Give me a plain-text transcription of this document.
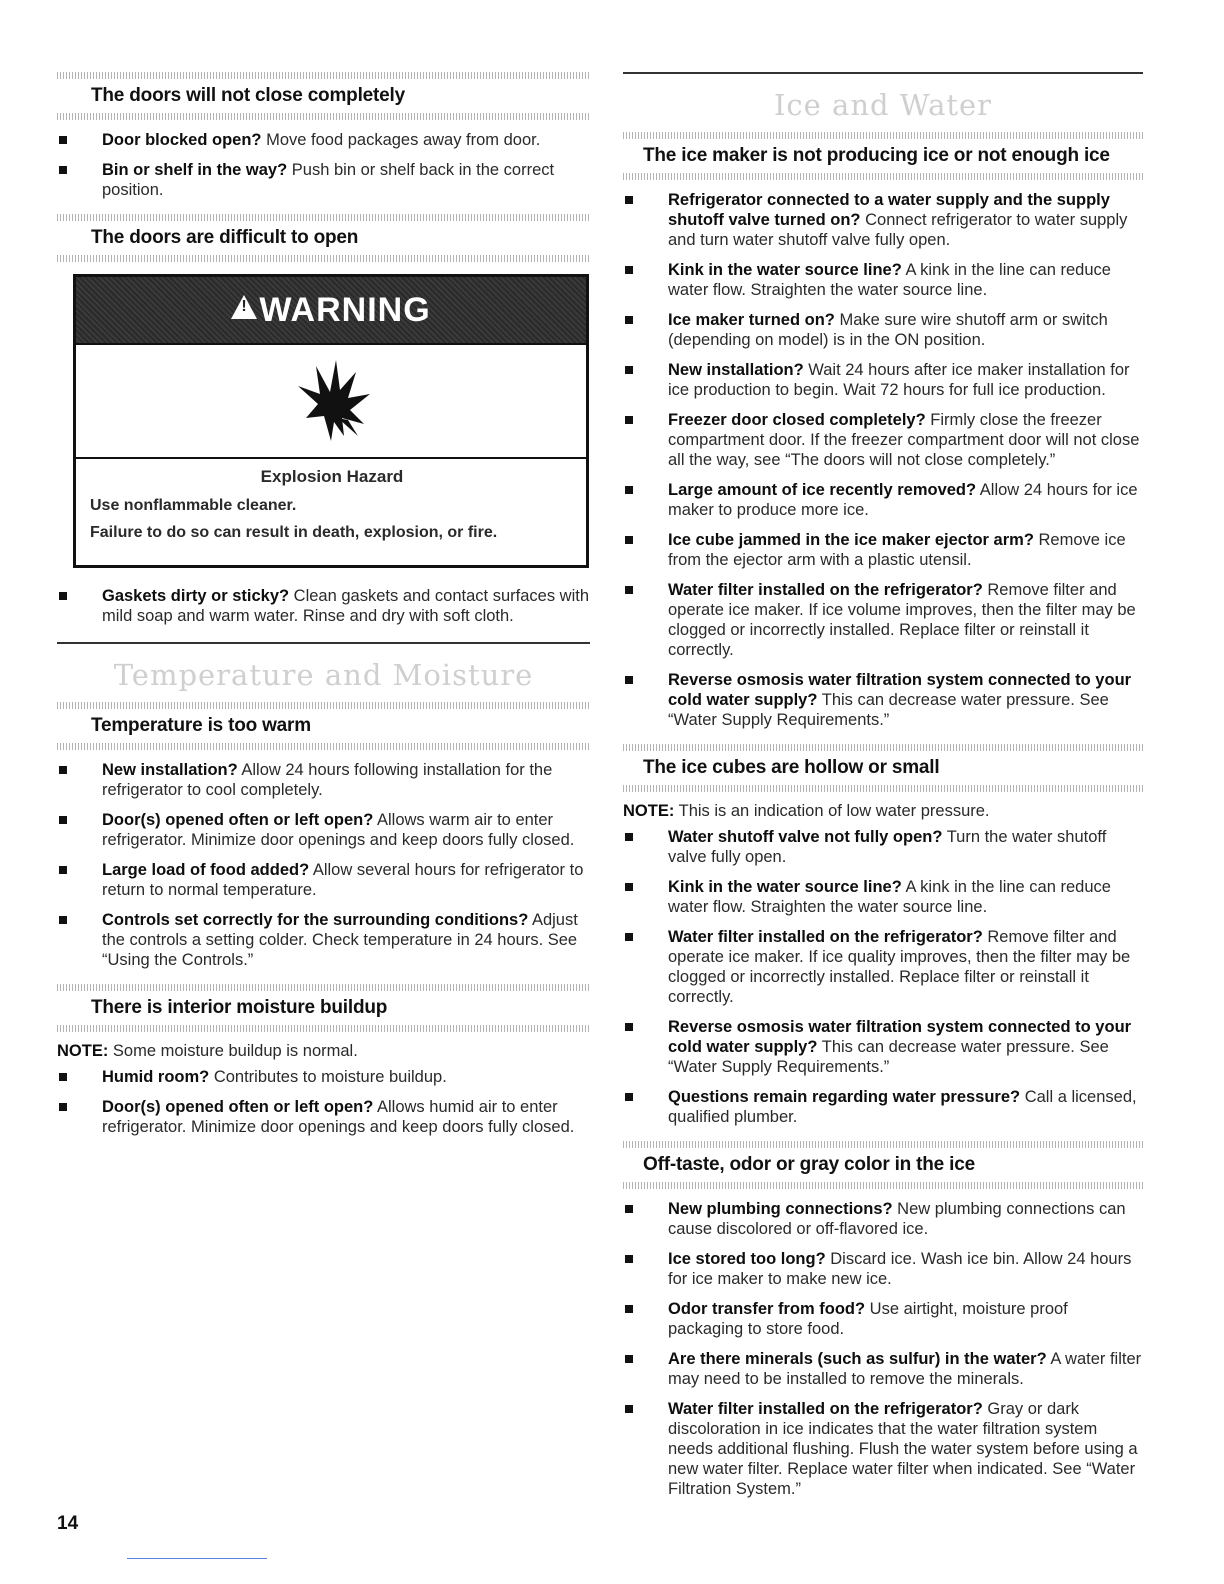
The doors will not close completely
Door blocked open? Move food packages away from door.
Bin or shelf in the way? Push bin or shelf back in the correct position.
The doors are difficult to open
!
WARNING
Explosion Hazard

Use nonflammable cleaner.

Failure to do so can result in death, explosion, or fire.

Gaskets dirty or sticky? Clean gaskets and contact surfaces with mild soap and warm water. Rinse and dry with soft cloth.
Temperature and Moisture
Temperature is too warm
New installation? Allow 24 hours following installation for the refrigerator to cool completely.
Door(s) opened often or left open? Allows warm air to enter refrigerator. Minimize door openings and keep doors fully closed.
Large load of food added? Allow several hours for refrigerator to return to normal temperature.
Controls set correctly for the surrounding conditions? Adjust the controls a setting colder. Check temperature in 24 hours. See “Using the Controls.”
There is interior moisture buildup
NOTE: Some moisture buildup is normal.
Humid room? Contributes to moisture buildup.
Door(s) opened often or left open? Allows humid air to enter refrigerator. Minimize door openings and keep doors fully closed.
Ice and Water
The ice maker is not producing ice or not enough ice
Refrigerator connected to a water supply and the supply shutoff valve turned on? Connect refrigerator to water supply and turn water shutoff valve fully open.
Kink in the water source line? A kink in the line can reduce water flow. Straighten the water source line.
Ice maker turned on? Make sure wire shutoff arm or switch (depending on model) is in the ON position.
New installation? Wait 24 hours after ice maker installation for ice production to begin. Wait 72 hours for full ice production.
Freezer door closed completely? Firmly close the freezer compartment door. If the freezer compartment door will not close all the way, see “The doors will not close completely.”
Large amount of ice recently removed? Allow 24 hours for ice maker to produce more ice.
Ice cube jammed in the ice maker ejector arm? Remove ice from the ejector arm with a plastic utensil.
Water filter installed on the refrigerator? Remove filter and operate ice maker. If ice volume improves, then the filter may be clogged or incorrectly installed. Replace filter or reinstall it correctly.
Reverse osmosis water filtration system connected to your cold water supply? This can decrease water pressure. See “Water Supply Requirements.”
The ice cubes are hollow or small
NOTE: This is an indication of low water pressure.
Water shutoff valve not fully open? Turn the water shutoff valve fully open.
Kink in the water source line? A kink in the line can reduce water flow. Straighten the water source line.
Water filter installed on the refrigerator? Remove filter and operate ice maker. If ice quality improves, then the filter may be clogged or incorrectly installed. Replace filter or reinstall it correctly.
Reverse osmosis water filtration system connected to your cold water supply? This can decrease water pressure. See “Water Supply Requirements.”
Questions remain regarding water pressure? Call a licensed, qualified plumber.
Off-taste, odor or gray color in the ice
New plumbing connections? New plumbing connections can cause discolored or off-flavored ice.
Ice stored too long? Discard ice. Wash ice bin. Allow 24 hours for ice maker to make new ice.
Odor transfer from food? Use airtight, moisture proof packaging to store food.
Are there minerals (such as sulfur) in the water? A water filter may need to be installed to remove the minerals.
Water filter installed on the refrigerator? Gray or dark discoloration in ice indicates that the water filtration system needs additional flushing. Flush the water system before using a new water filter. Replace water filter when indicated. See “Water Filtration System.”
14
